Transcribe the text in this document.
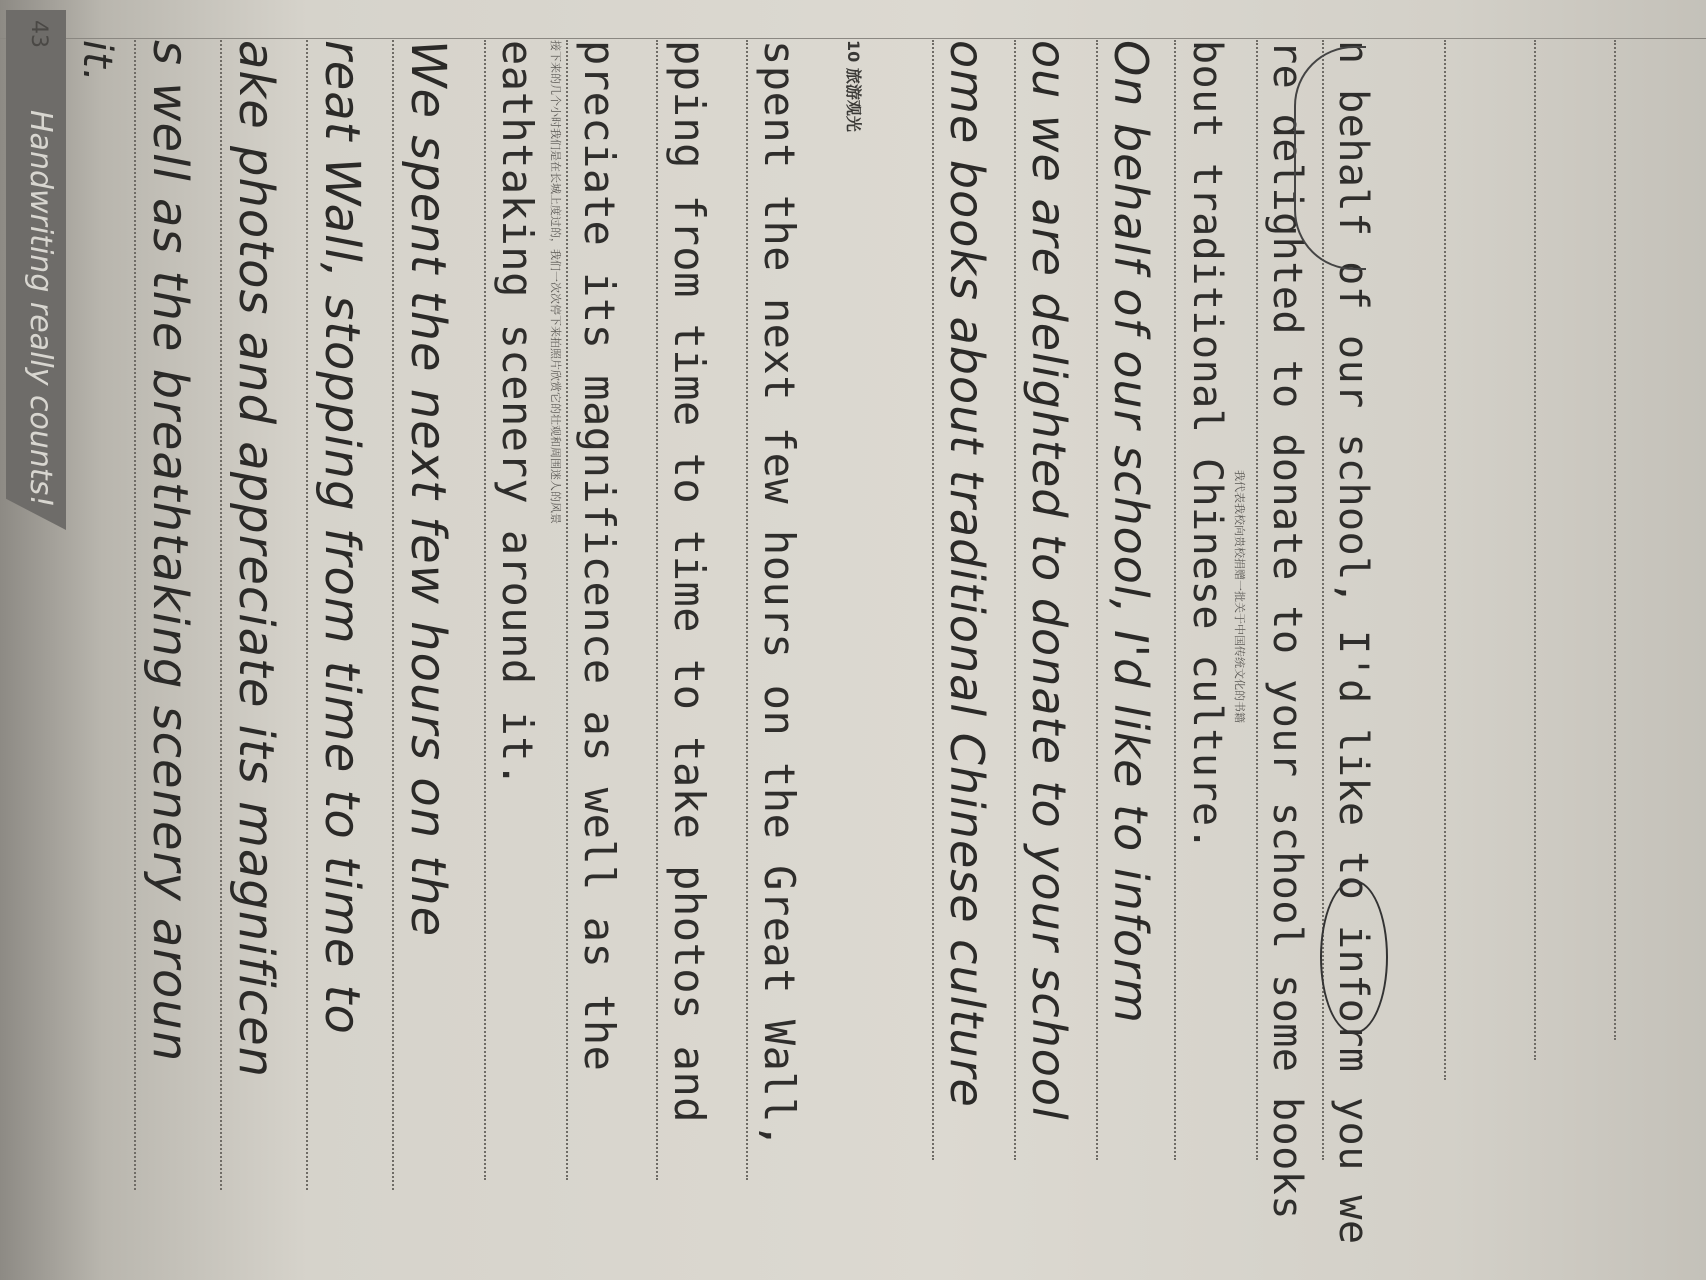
Handwriting really counts!
43
n behalf of our school, I'd like to inform you we
re delighted to donate to your school some books
我代表我校向贵校捐赠一批关于中国传统文化的书籍
bout traditional Chinese culture.
On behalf of our school, I'd like to inform
ou we are delighted to donate to your school
ome books about traditional Chinese culture
10 旅游观光
spent the next few hours on the Great Wall,
pping from time to time to take photos and
preciate its magnificence as well as the
接下来的几个小时我们是在长城上度过的，我们一次次停下来拍照片欣赏它的壮观和周围迷人的风景
eathtaking scenery around it.
We spent the next few hours on the
reat Wall, stopping from time to time to
ake photos and appreciate its magnificen
s well as the breathtaking scenery aroun
it.
